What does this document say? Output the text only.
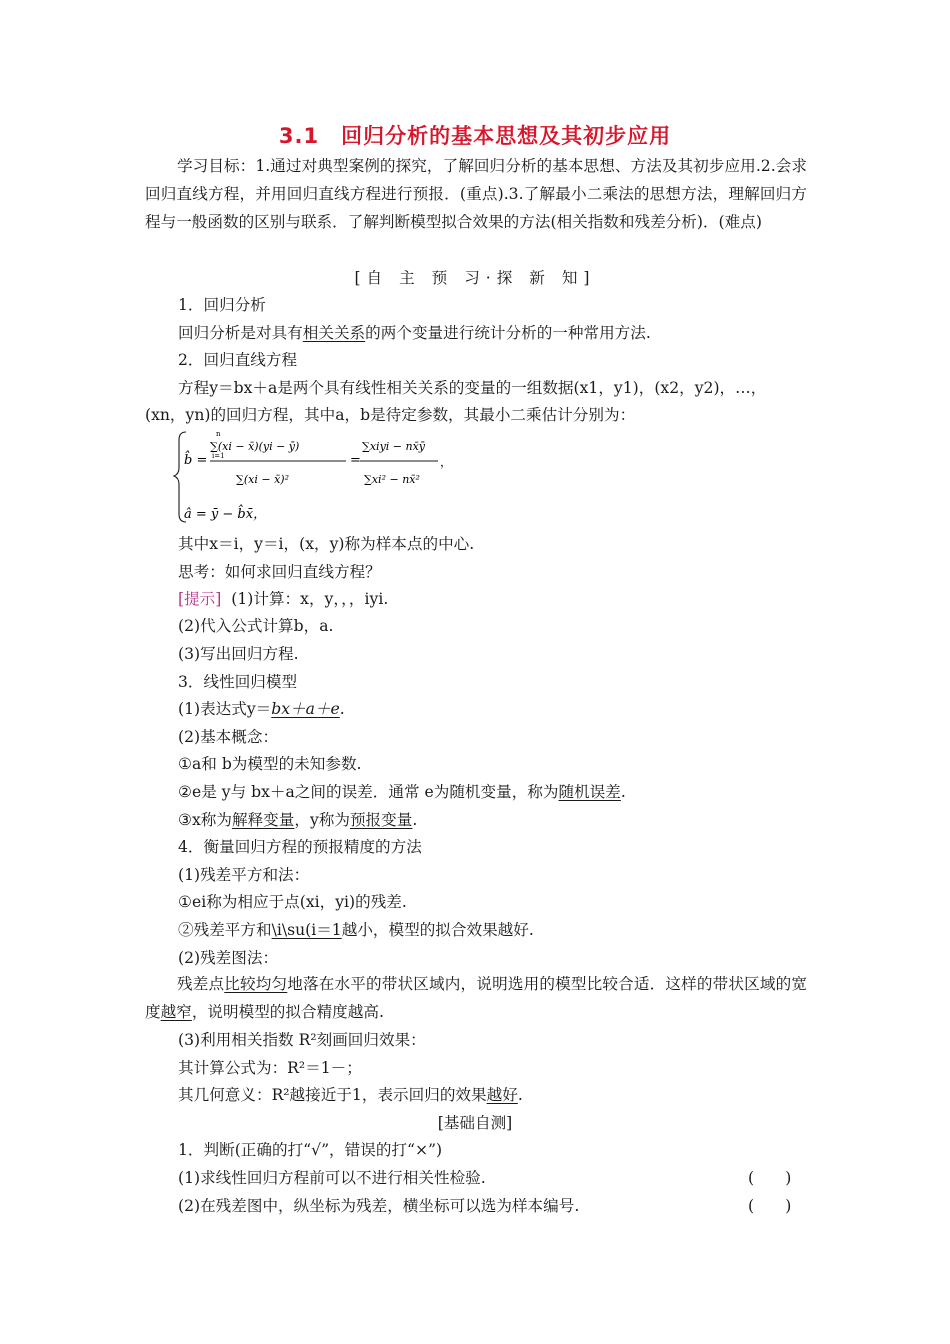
3.1 回归分析的基本思想及其初步应用
学习目标：1.通过对典型案例的探究，了解回归分析的基本思想、方法及其初步应用.2.会求回归直线方程，并用回归直线方程进行预报．(重点).3.了解最小二乘法的思想方法，理解回归方程与一般函数的区别与联系．了解判断模型拟合效果的方法(相关指数和残差分析)．(难点)
[自 主 预 习·探 新 知]
1．回归分析
回归分析是对具有相关关系的两个变量进行统计分析的一种常用方法.
2．回归直线方程
方程y＝bx＋a是两个具有线性相关关系的变量的一组数据(x1，y1)，(x2，y2)，…，
(xn，yn)的回归方程，其中a，b是待定参数，其最小二乘估计分别为：
b̂ =
n
i=1
∑(xi − x̄)(yi − ȳ)
∑(xi − x̄)²
=
∑xiyi − nx̄ȳ
∑xi² − nx̄²
，
â = ȳ − b̂x̄，
其中x＝i，y＝i，(x，y)称为样本点的中心.
思考：如何求回归直线方程？
[提示] (1)计算：x，y，，，iyi.
(2)代入公式计算b，a.
(3)写出回归方程.
3．线性回归模型
(1)表达式y＝bx＋a＋e.
(2)基本概念：
①a和 b为模型的未知参数.
②e是 y与 bx＋a之间的误差．通常 e为随机变量，称为随机误差.
③x称为解释变量，y称为预报变量.
4．衡量回归方程的预报精度的方法
(1)残差平方和法：
①ei称为相应于点(xi，yi)的残差.
②残差平方和\i\su(i＝1越小，模型的拟合效果越好.
(2)残差图法：
残差点比较均匀地落在水平的带状区域内，说明选用的模型比较合适．这样的带状区域的宽度越窄，说明模型的拟合精度越高.
(3)利用相关指数 R²刻画回归效果：
其计算公式为：R²＝1－；
其几何意义：R²越接近于1，表示回归的效果越好.
[基础自测]
1．判断(正确的打“√”，错误的打“×”)
(1)求线性回归方程前可以不进行相关性检验.	(　　)
(2)在残差图中，纵坐标为残差，横坐标可以选为样本编号.	(　　)
